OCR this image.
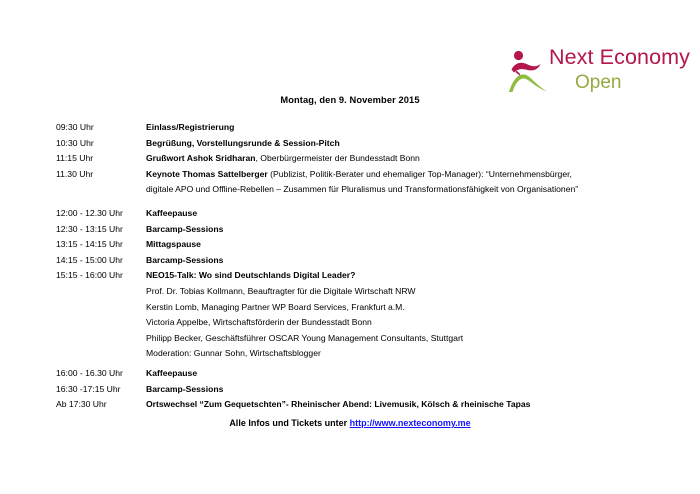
Next Economy
Open
Montag, den 9. November 2015
09:30 Uhr	Einlass/Registrierung
10:30 Uhr	Begrüßung, Vorstellungsrunde & Session-Pitch
11:15 Uhr	Grußwort Ashok Sridharan, Oberbürgermeister der Bundesstadt Bonn
11.30 Uhr	Keynote Thomas Sattelberger (Publizist, Politik-Berater und ehemaliger Top-Manager): “Unternehmensbürger,
digitale APO und Offline-Rebellen – Zusammen für Pluralismus und Transformationsfähigkeit von Organisationen”
12:00 - 12.30 Uhr	Kaffeepause
12:30 - 13:15 Uhr	Barcamp-Sessions
13:15 - 14:15 Uhr	Mittagspause
14:15 - 15:00 Uhr	Barcamp-Sessions
15:15 - 16:00 Uhr	NEO15-Talk: Wo sind Deutschlands Digital Leader?
Prof. Dr. Tobias Kollmann, Beauftragter für die Digitale Wirtschaft NRW
Kerstin Lomb, Managing Partner WP Board Services, Frankfurt a.M.
Victoria Appelbe, Wirtschaftsförderin der Bundesstadt Bonn
Philipp Becker, Geschäftsführer OSCAR Young Management Consultants, Stuttgart
Moderation: Gunnar Sohn, Wirtschaftsblogger
16:00 - 16.30 Uhr	Kaffeepause
16:30 -17:15 Uhr	Barcamp-Sessions
Ab 17:30 Uhr	Ortswechsel “Zum Gequetschten”- Rheinischer Abend: Livemusik, Kölsch & rheinische Tapas
Alle Infos und Tickets unter http://www.nexteconomy.me
